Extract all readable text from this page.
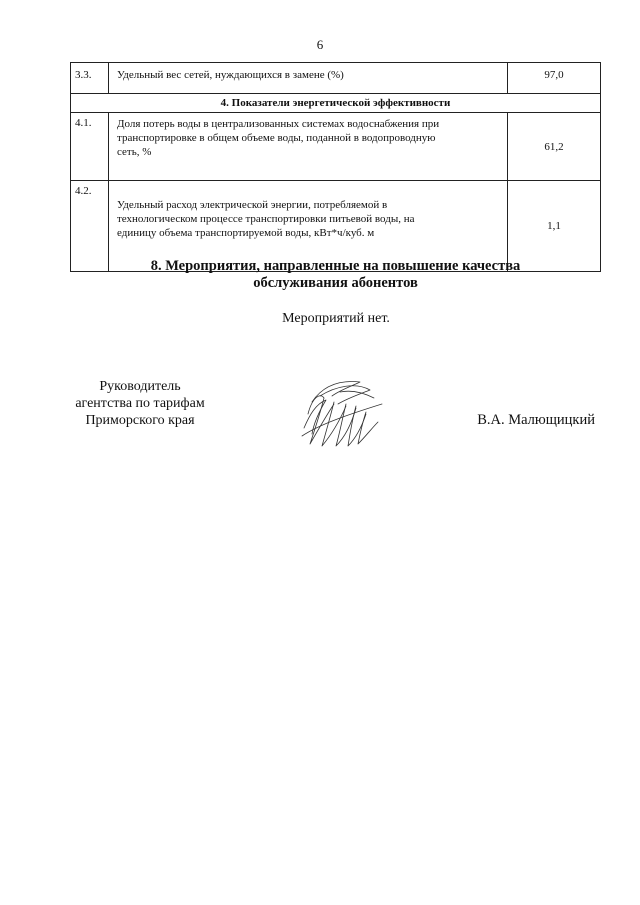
6
3.3.	Удельный вес сетей, нуждающихся в замене (%)	97,0
4. Показатели энергетической эффективности		
4.1.	Доля потерь воды в централизованных системах водоснабжения при
транспортировке в общем объеме воды, поданной в водопроводную
сеть, %	61,2
4.2.	Удельный расход электрической энергии, потребляемой в
технологическом процессе транспортировки питьевой воды, на
единицу объема транспортируемой воды, кВт*ч/куб. м	1,1
8. Мероприятия, направленные на повышение качества
обслуживания абонентов
Мероприятий нет.
Руководитель
агентства по тарифам
Приморского края	В.А. Малющицкий
